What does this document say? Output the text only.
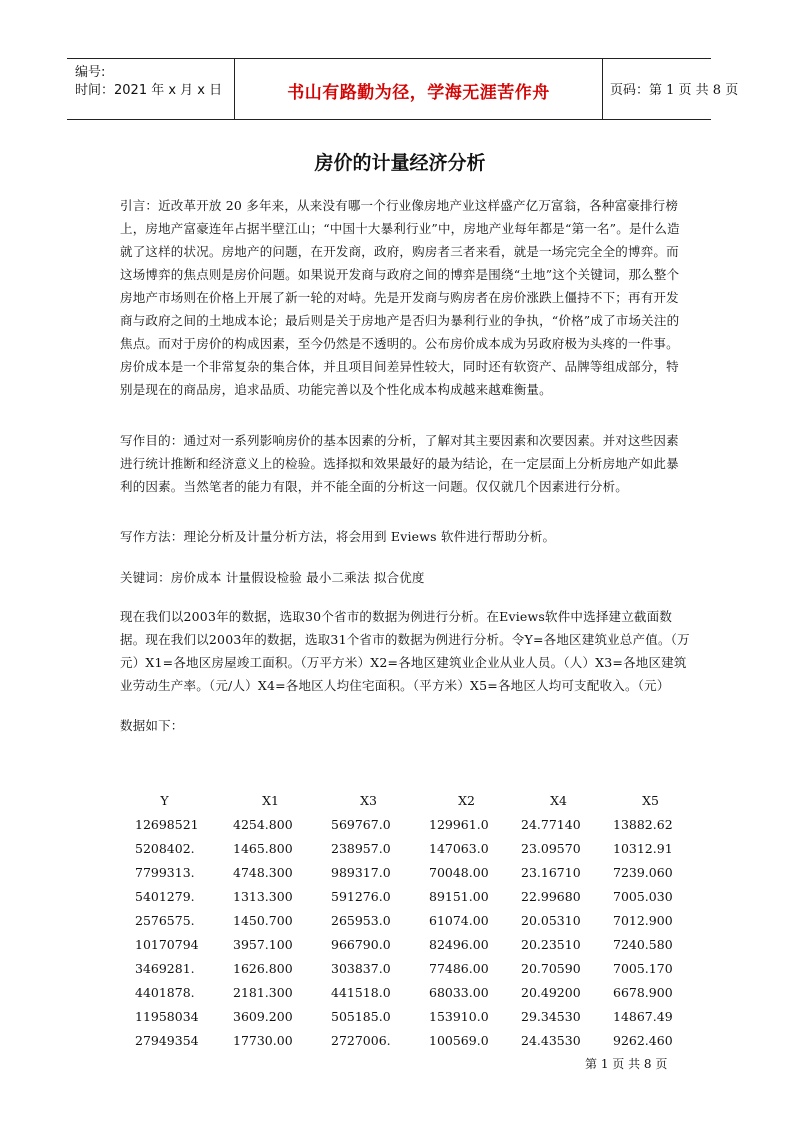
编号:
时间：2021 年 x 月 x 日	书山有路勤为径，学海无涯苦作舟	页码：第 1 页 共 8 页
房价的计量经济分析
引言：近改革开放 20 多年来，从来没有哪一个行业像房地产业这样盛产亿万富翁，各种富豪排行榜上，房地产富豪连年占据半壁江山；“中国十大暴利行业”中，房地产业每年都是“第一名”。是什么造就了这样的状况。房地产的问题，在开发商，政府，购房者三者来看，就是一场完完全全的博弈。而这场博弈的焦点则是房价问题。如果说开发商与政府之间的博弈是围绕“土地”这个关键词，那么整个房地产市场则在价格上开展了新一轮的对峙。先是开发商与购房者在房价涨跌上僵持不下；再有开发商与政府之间的土地成本论；最后则是关于房地产是否归为暴利行业的争执，“价格”成了市场关注的焦点。而对于房价的构成因素，至今仍然是不透明的。公布房价成本成为另政府极为头疼的一件事。房价成本是一个非常复杂的集合体，并且项目间差异性较大，同时还有软资产、品牌等组成部分，特别是现在的商品房，追求品质、功能完善以及个性化成本构成越来越难衡量。
写作目的：通过对一系列影响房价的基本因素的分析，了解对其主要因素和次要因素。并对这些因素进行统计推断和经济意义上的检验。选择拟和效果最好的最为结论，在一定层面上分析房地产如此暴利的因素。当然笔者的能力有限，并不能全面的分析这一问题。仅仅就几个因素进行分析。
写作方法：理论分析及计量分析方法，将会用到 Eviews 软件进行帮助分析。
关键词：房价成本 计量假设检验 最小二乘法 拟合优度
现在我们以2003年的数据，选取30个省市的数据为例进行分析。在Eviews软件中选择建立截面数据。现在我们以2003年的数据，选取31个省市的数据为例进行分析。令Y=各地区建筑业总产值。（万元）X1=各地区房屋竣工面积。（万平方米）X2=各地区建筑业企业从业人员。（人）X3=各地区建筑业劳动生产率。（元/人）X4=各地区人均住宅面积。（平方米）X5=各地区人均可支配收入。（元）
数据如下：
Y	X1	X3	X2	X4	X5
12698521	4254.800	569767.0	129961.0	24.77140	13882.62
5208402.	1465.800	238957.0	147063.0	23.09570	10312.91
7799313.	4748.300	989317.0	70048.00	23.16710	7239.060
5401279.	1313.300	591276.0	89151.00	22.99680	7005.030
2576575.	1450.700	265953.0	61074.00	20.05310	7012.900
10170794	3957.100	966790.0	82496.00	20.23510	7240.580
3469281.	1626.800	303837.0	77486.00	20.70590	7005.170
4401878.	2181.300	441518.0	68033.00	20.49200	6678.900
11958034	3609.200	505185.0	153910.0	29.34530	14867.49
27949354	17730.00	2727006.	100569.0	24.43530	9262.460
第 1 页 共 8 页
